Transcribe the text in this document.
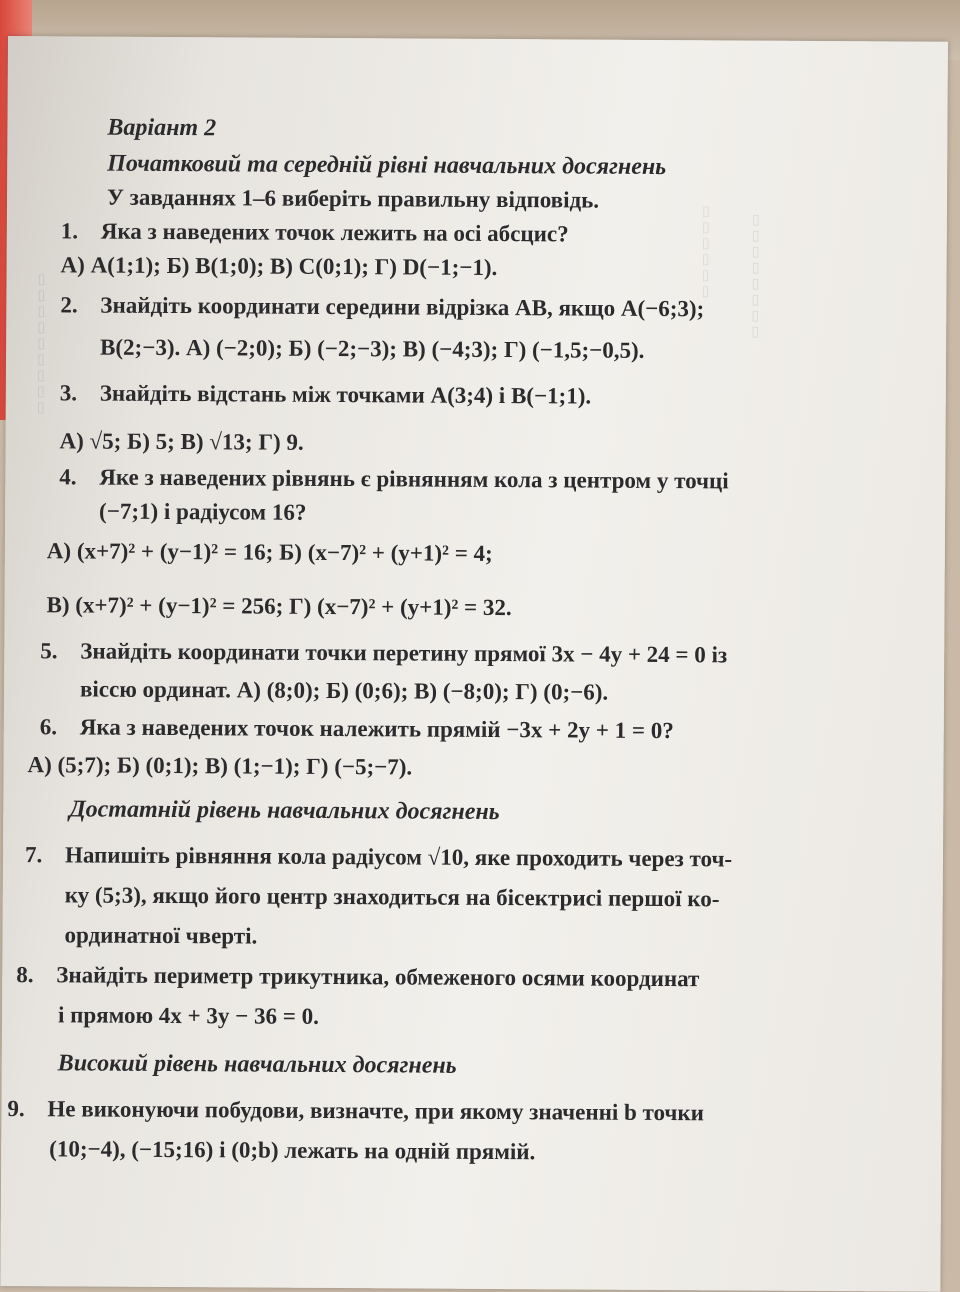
Варіант 2
Початковий та середній рівні навчальних досягнень
У завданнях 1–6 виберіть правильну відповідь.
1. Яка з наведених точок лежить на осі абсцис?
А) A(1;1); Б) B(1;0); В) C(0;1); Г) D(−1;−1).
2. Знайдіть координати середини відрізка AB, якщо A(−6;3);
B(2;−3). А) (−2;0); Б) (−2;−3); В) (−4;3); Г) (−1,5;−0,5).
3. Знайдіть відстань між точками A(3;4) і B(−1;1).
А) √5; Б) 5; В) √13; Г) 9.
4. Яке з наведених рівнянь є рівнянням кола з центром у точці
(−7;1) і радіусом 16?
А) (x+7)² + (y−1)² = 16; Б) (x−7)² + (y+1)² = 4;
В) (x+7)² + (y−1)² = 256; Г) (x−7)² + (y+1)² = 32.
5. Знайдіть координати точки перетину прямої 3x − 4y + 24 = 0 із
віссю ординат. А) (8;0); Б) (0;6); В) (−8;0); Г) (0;−6).
6. Яка з наведених точок належить прямій −3x + 2y + 1 = 0?
А) (5;7); Б) (0;1); В) (1;−1); Г) (−5;−7).
Достатній рівень навчальних досягнень
7. Напишіть рівняння кола радіусом √10, яке проходить через точ-
ку (5;3), якщо його центр знаходиться на бісектрисі першої ко-
ординатної чверті.
8. Знайдіть периметр трикутника, обмеженого осями координат
і прямою 4x + 3y − 36 = 0.
Високий рівень навчальних досягнень
9. Не виконуючи побудови, визначте, при якому значенні b точки
(10;−4), (−15;16) і (0;b) лежать на одній прямій.
▯▯▯▯▯▯▯▯▯
▯▯▯▯▯▯ ▯▯▯▯▯▯▯▯
